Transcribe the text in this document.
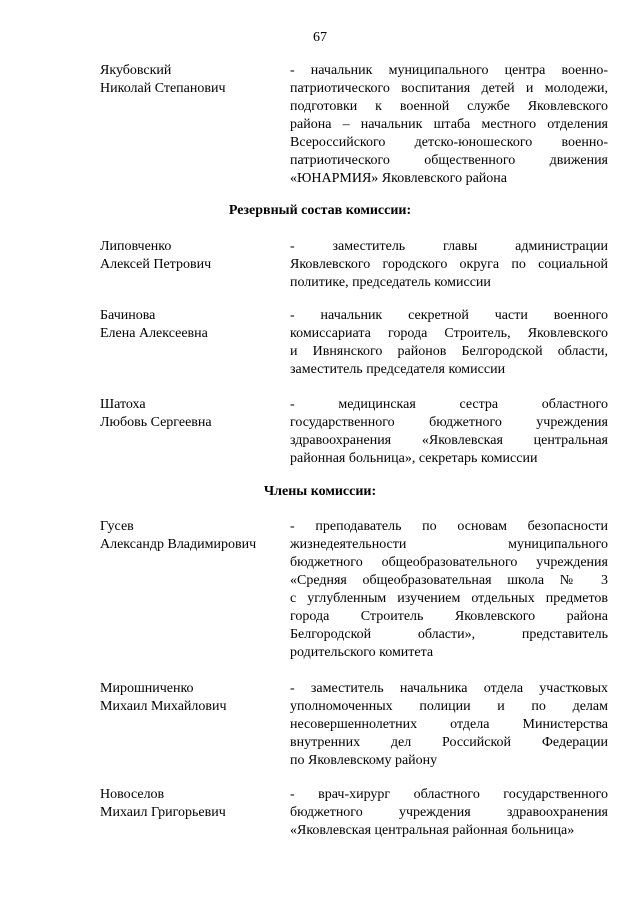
67
Якубовский
Николай Степанович
- начальник муниципального центра военно-
патриотического воспитания детей и молодежи,
подготовки к военной службе Яковлевского
района – начальник штаба местного отделения
Всероссийского детско-юношеского военно-
патриотического общественного движения
«ЮНАРМИЯ» Яковлевского района
Резервный состав комиссии:
Липовченко
Алексей Петрович
- заместитель главы администрации
Яковлевского городского округа по социальной
политике, председатель комиссии
Бачинова
Елена Алексеевна
- начальник секретной части военного
комиссариата города Строитель, Яковлевского
и Ивнянского районов Белгородской области,
заместитель председателя комиссии
Шатоха
Любовь Сергеевна
- медицинская сестра областного
государственного бюджетного учреждения
здравоохранения «Яковлевская центральная
районная больница», секретарь комиссии
Члены комиссии:
Гусев
Александр Владимирович
- преподаватель по основам безопасности
жизнедеятельности муниципального
бюджетного общеобразовательного учреждения
«Средняя общеобразовательная школа № 3
с углубленным изучением отдельных предметов
города Строитель Яковлевского района
Белгородской области», представитель
родительского комитета
Мирошниченко
Михаил Михайлович
- заместитель начальника отдела участковых
уполномоченных полиции и по делам
несовершеннолетних отдела Министерства
внутренних дел Российской Федерации
по Яковлевскому району
Новоселов
Михаил Григорьевич
- врач-хирург областного государственного
бюджетного учреждения здравоохранения
«Яковлевская центральная районная больница»
